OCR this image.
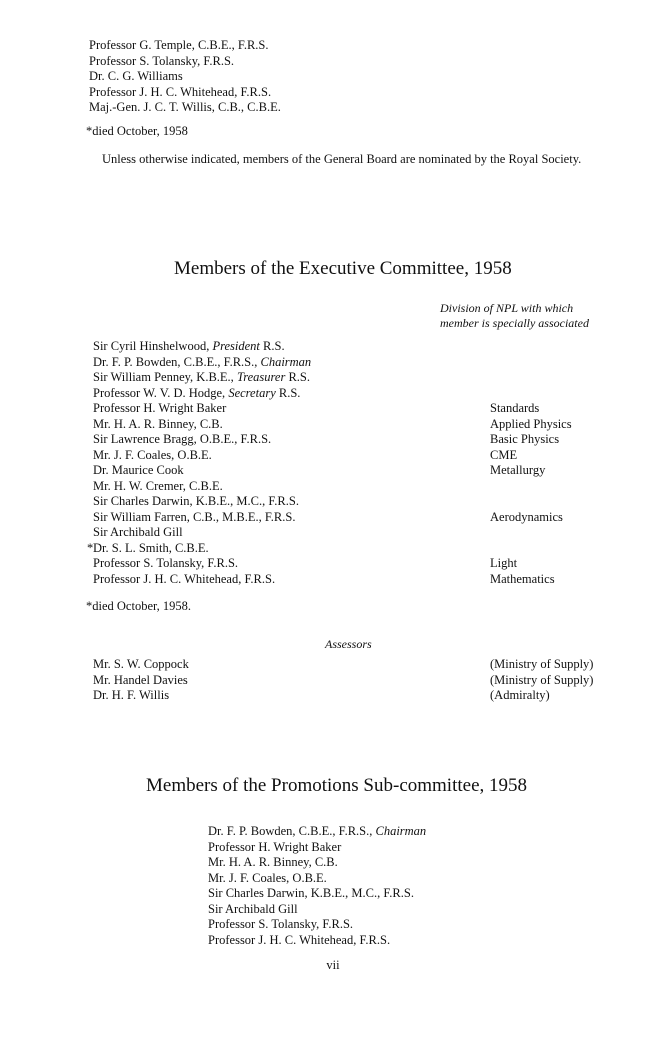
Professor G. Temple, C.B.E., F.R.S.
Professor S. Tolansky, F.R.S.
Dr. C. G. Williams
Professor J. H. C. Whitehead, F.R.S.
Maj.-Gen. J. C. T. Willis, C.B., C.B.E.
*died October, 1958
Unless otherwise indicated, members of the General Board are nominated by the Royal Society.
Members of the Executive Committee, 1958
Division of NPL with which
member is specially associated
Sir Cyril Hinshelwood, President R.S.
Dr. F. P. Bowden, C.B.E., F.R.S., Chairman
Sir William Penney, K.B.E., Treasurer R.S.
Professor W. V. D. Hodge, Secretary R.S.
Professor H. Wright Baker
Mr. H. A. R. Binney, C.B.
Sir Lawrence Bragg, O.B.E., F.R.S.
Mr. J. F. Coales, O.B.E.
Dr. Maurice Cook
Mr. H. W. Cremer, C.B.E.
Sir Charles Darwin, K.B.E., M.C., F.R.S.
Sir William Farren, C.B., M.B.E., F.R.S.
Sir Archibald Gill
* Dr. S. L. Smith, C.B.E.
Professor S. Tolansky, F.R.S.
Professor J. H. C. Whitehead, F.R.S.
Standards
Applied Physics
Basic Physics
CME
Metallurgy
Aerodynamics
Light
Mathematics
*died October, 1958.
Assessors
Mr. S. W. Coppock
Mr. Handel Davies
Dr. H. F. Willis
(Ministry of Supply)
(Ministry of Supply)
(Admiralty)
Members of the Promotions Sub-committee, 1958
Dr. F. P. Bowden, C.B.E., F.R.S., Chairman
Professor H. Wright Baker
Mr. H. A. R. Binney, C.B.
Mr. J. F. Coales, O.B.E.
Sir Charles Darwin, K.B.E., M.C., F.R.S.
Sir Archibald Gill
Professor S. Tolansky, F.R.S.
Professor J. H. C. Whitehead, F.R.S.
vii
